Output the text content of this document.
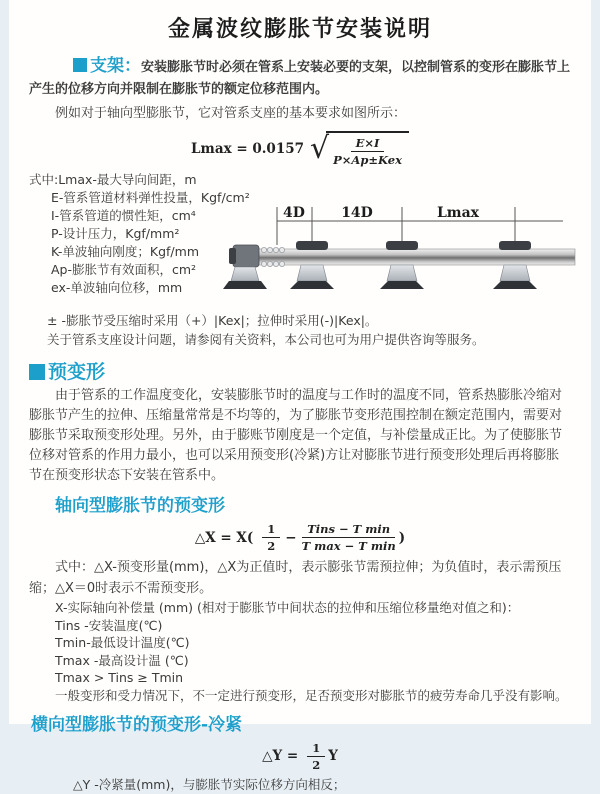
金属波纹膨胀节安装说明

支架：安装膨胀节时必须在管系上安装必要的支架，以控制管系的变形在膨胀节上产生的位移方向并限制在膨胀节的额定位移范围内。

例如对于轴向型膨胀节，它对管系支座的基本要求如图所示：

Lmax = 0.0157 √ $\frac{E\times I}{\text{P×Ap±Kex}}$
式中:Lmax-最大导向间距，m
E-管系管道材料弹性投量，Kgf/cm²
I-管系管道的惯性矩，cm⁴
P-设计压力，Kgf/mm²
K-单波轴向刚度；Kgf/mm
Ap-膨胀节有效面积，cm²
ex-单波轴向位移，mm
4D	14D	Lmax

± -膨胀节受压缩时采用（+）|Kex|；拉伸时采用(-)|Kex|。

关于管系支座设计问题，请参阅有关资料，本公司也可为用户提供咨询等服务。

预变形

由于管系的工作温度变化，安装膨胀节时的温度与工作时的温度不同，管系热膨胀冷缩对膨胀节产生的拉伸、压缩量常常是不均等的，为了膨胀节变形范围控制在额定范围内，需要对膨胀节采取预变形处理。另外，由于膨账节刚度是一个定值，与补偿量成正比。为了使膨胀节位移对管系的作用力最小，也可以采用预变形(冷紧)方让对膨胀节进行预变形处理后再将膨胀节在预变形状态下安装在管系中。

轴向型膨胀节的预变形
△X = $X( \frac{1}{2} - \frac{\text{Tins − T min}}{\text{T max − T min}}$ )

式中：△X-预变形量(mm)，△X为正值时，表示膨张节需预拉伸；为负值时，表示需预压缩；△X＝0时表示不需预变形。

X-实际轴向补偿量 (mm) (相对于膨胀节中间状态的拉伸和压缩位移量绝对值之和)：
Tins -安装温度(℃)
Tmin-最低设计温度(℃)
Tmax -最高设计温 (℃)
Tmax > Tins ≥ Tmin

一般变形和受力情况下，不一定进行预变形，足否预变形对膨胀节的疲劳寿命几乎没有影响。

横向型膨胀节的预变形-冷紧
△Y = $\frac{1}{2}$ Y

△Y -冷紧量(mm)，与膨胀节实际位移方向相反；
